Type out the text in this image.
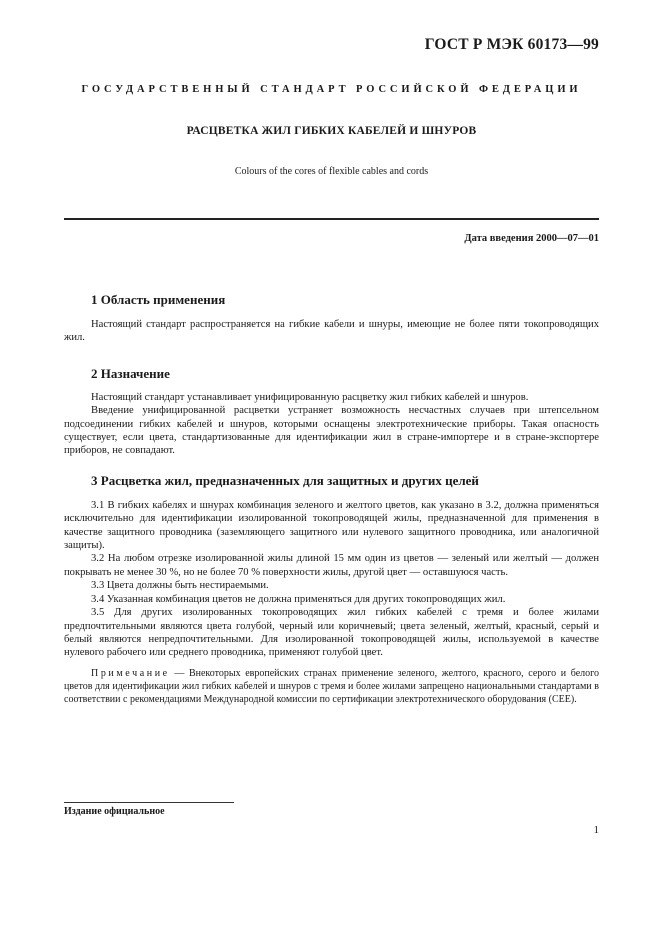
ГОСТ Р МЭК 60173—99
ГОСУДАРСТВЕННЫЙ СТАНДАРТ РОССИЙСКОЙ ФЕДЕРАЦИИ
РАСЦВЕТКА ЖИЛ ГИБКИХ КАБЕЛЕЙ И ШНУРОВ
Colours of the cores of flexible cables and cords
Дата введения 2000—07—01
1 Область применения

Настоящий стандарт распространяется на гибкие кабели и шнуры, имеющие не более пяти токопроводящих жил.

2 Назначение

Настоящий стандарт устанавливает унифицированную расцветку жил гибких кабелей и шнуров.

Введение унифицированной расцветки устраняет возможность несчастных случаев при штепсельном подсоединении гибких кабелей и шнуров, которыми оснащены электротехнические приборы. Такая опасность существует, если цвета, стандартизованные для идентификации жил в стране-импортере и в стране-экспортере приборов, не совпадают.

3 Расцветка жил, предназначенных для защитных и других целей

3.1 В гибких кабелях и шнурах комбинация зеленого и желтого цветов, как указано в 3.2, должна применяться исключительно для идентификации изолированной токопроводящей жилы, предназначенной для применения в качестве защитного проводника (заземляющего защитного или нулевого защитного проводника, или аналогичной защиты).

3.2 На любом отрезке изолированной жилы длиной 15 мм один из цветов — зеленый или желтый — должен покрывать не менее 30 %, но не более 70 % поверхности жилы, другой цвет — оставшуюся часть.

3.3 Цвета должны быть нестираемыми.

3.4 Указанная комбинация цветов не должна применяться для других токопроводящих жил.

3.5 Для других изолированных токопроводящих жил гибких кабелей с тремя и более жилами предпочтительными являются цвета голубой, черный или коричневый; цвета зеленый, желтый, красный, серый и белый являются непредпочтительными. Для изолированной токопроводящей жилы, используемой в качестве нулевого рабочего или среднего проводника, применяют голубой цвет.

Примечание — Внекоторых европейских странах применение зеленого, желтого, красного, серого и белого цветов для идентификации жил гибких кабелей и шнуров с тремя и более жилами запрещено национальными стандартами в соответствии с рекомендациями Международной комиссии по сертификации электротехнического оборудования (СЕЕ).

Издание официальное
1
